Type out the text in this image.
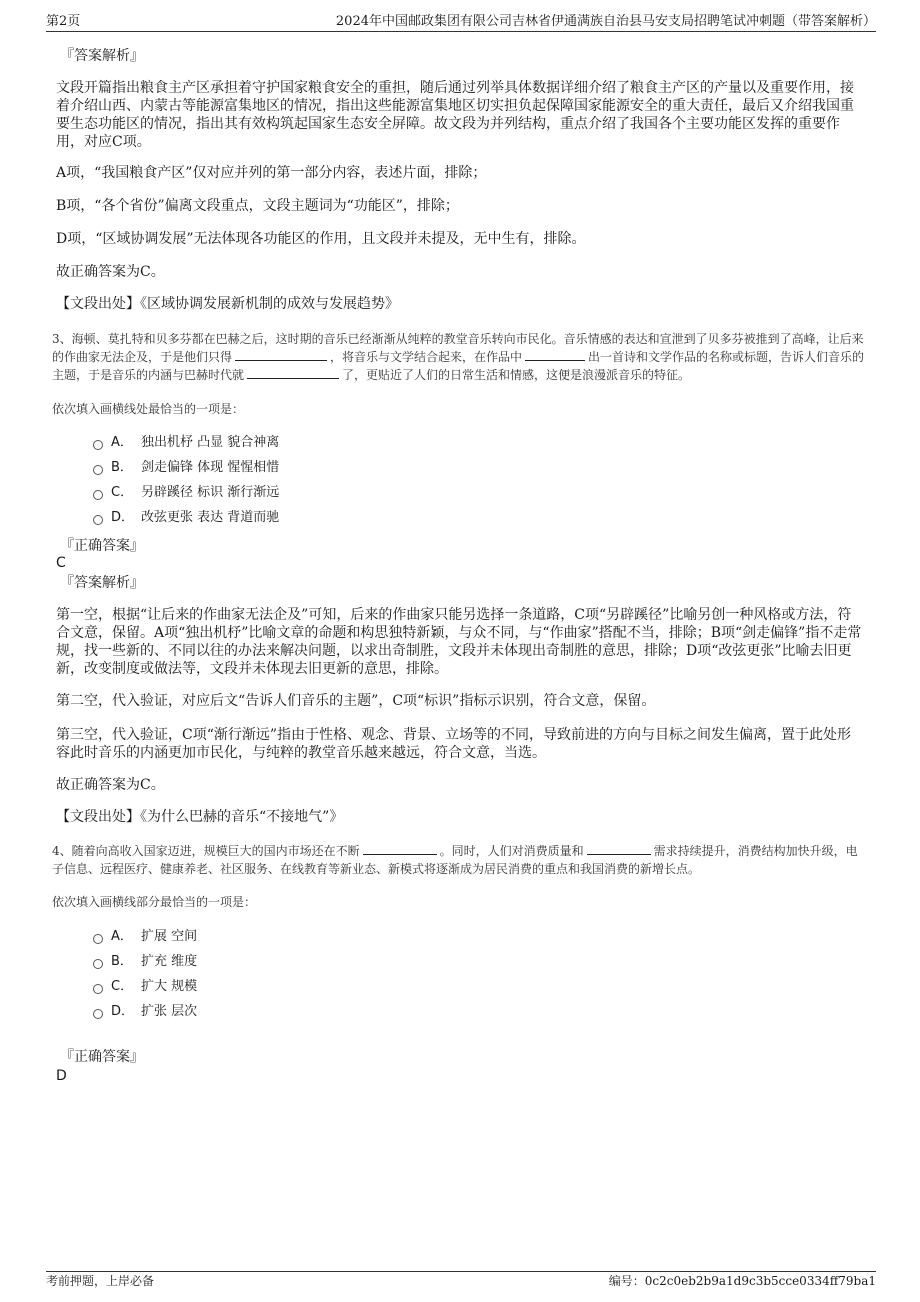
第2页	2024年中国邮政集团有限公司吉林省伊通满族自治县马安支局招聘笔试冲刺题（带答案解析）
『答案解析』
文段开篇指出粮食主产区承担着守护国家粮食安全的重担，随后通过列举具体数据详细介绍了粮食主产区的产量以及重要作用，接着介绍山西、内蒙古等能源富集地区的情况，指出这些能源富集地区切实担负起保障国家能源安全的重大责任，最后又介绍我国重要生态功能区的情况，指出其有效构筑起国家生态安全屏障。故文段为并列结构，重点介绍了我国各个主要功能区发挥的重要作用，对应C项。
A项，“我国粮食产区”仅对应并列的第一部分内容，表述片面，排除；
B项，“各个省份”偏离文段重点，文段主题词为“功能区”，排除；
D项，“区域协调发展”无法体现各功能区的作用，且文段并未提及，无中生有，排除。
故正确答案为C。
【文段出处】《区域协调发展新机制的成效与发展趋势》
3、海顿、莫扎特和贝多芬都在巴赫之后，这时期的音乐已经渐渐从纯粹的教堂音乐转向市民化。音乐情感的表达和宣泄到了贝多芬被推到了高峰，让后来的作曲家无法企及，于是他们只得	，将音乐与文学结合起来，在作品中	出一首诗和文学作品的名称或标题，告诉人们音乐的主题，于是音乐的内涵与巴赫时代就	了，更贴近了人们的日常生活和情感，这便是浪漫派音乐的特征。
依次填入画横线处最恰当的一项是：
A． 独出机杼 凸显 貌合神离
B． 剑走偏锋 体现 惺惺相惜
C． 另辟蹊径 标识 渐行渐远
D． 改弦更张 表达 背道而驰
『正确答案』
C
『答案解析』
第一空，根据“让后来的作曲家无法企及”可知，后来的作曲家只能另选择一条道路，C项“另辟蹊径”比喻另创一种风格或方法，符合文意，保留。A项“独出机杼”比喻文章的命题和构思独特新颖，与众不同，与“作曲家”搭配不当，排除；B项“剑走偏锋”指不走常规，找一些新的、不同以往的办法来解决问题，以求出奇制胜，文段并未体现出奇制胜的意思，排除；D项“改弦更张”比喻去旧更新，改变制度或做法等，文段并未体现去旧更新的意思，排除。
第二空，代入验证，对应后文“告诉人们音乐的主题”，C项“标识”指标示识别，符合文意，保留。
第三空，代入验证，C项“渐行渐远”指由于性格、观念、背景、立场等的不同，导致前进的方向与目标之间发生偏离，置于此处形容此时音乐的内涵更加市民化，与纯粹的教堂音乐越来越远，符合文意，当选。
故正确答案为C。
【文段出处】《为什么巴赫的音乐“不接地气”》
4、随着向高收入国家迈进，规模巨大的国内市场还在不断	。同时，人们对消费质量和	需求持续提升，消费结构加快升级，电子信息、远程医疗、健康养老、社区服务、在线教育等新业态、新模式将逐渐成为居民消费的重点和我国消费的新增长点。
依次填入画横线部分最恰当的一项是：
A． 扩展 空间
B． 扩充 维度
C． 扩大 规模
D． 扩张 层次
『正确答案』
D
考前押题，上岸必备	编号：0c2c0eb2b9a1d9c3b5cce0334ff79ba1
